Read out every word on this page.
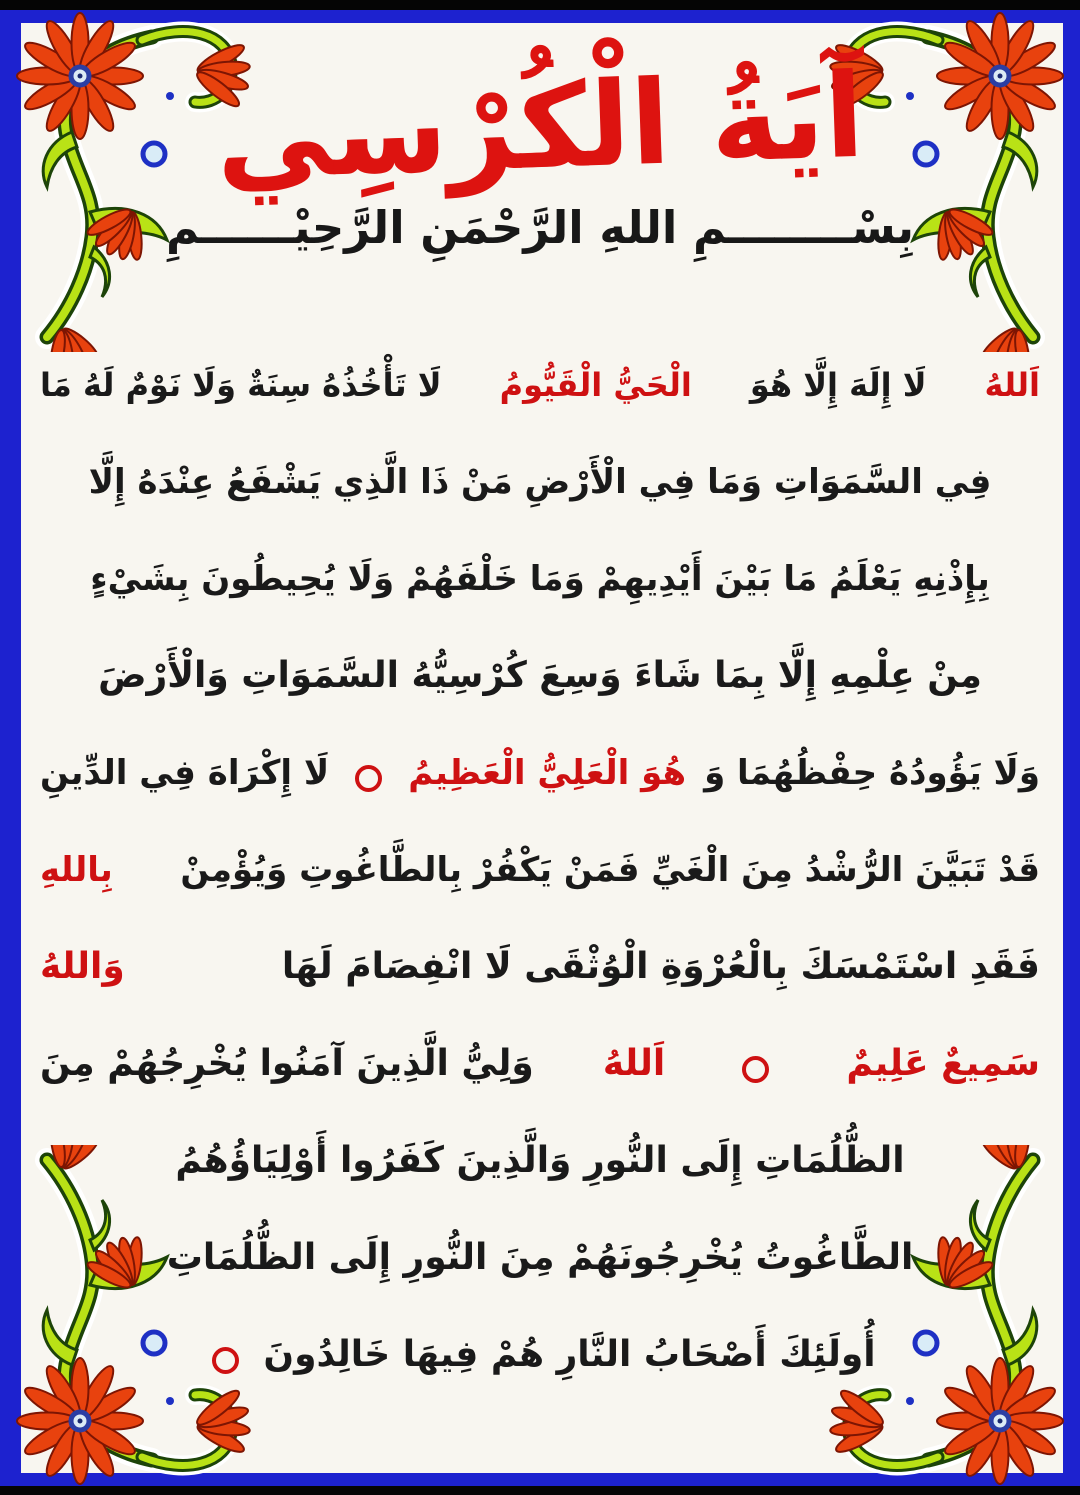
آيَةُ الْكُرْسِي
بِسْــــــــمِ اللهِ الرَّحْمَنِ الرَّحِيْــــــمِ
اَللهُ
لَا إِلَهَ إِلَّا هُوَ
الْحَيُّ الْقَيُّومُ
لَا تَأْخُذُهُ سِنَةٌ وَلَا نَوْمٌ لَهُ مَا
فِي السَّمَوَاتِ وَمَا فِي الْأَرْضِ مَنْ ذَا الَّذِي يَشْفَعُ عِنْدَهُ إِلَّا
بِإِذْنِهِ يَعْلَمُ مَا بَيْنَ أَيْدِيهِمْ وَمَا خَلْفَهُمْ وَلَا يُحِيطُونَ بِشَيْءٍ
مِنْ عِلْمِهِ إِلَّا بِمَا شَاءَ وَسِعَ كُرْسِيُّهُ السَّمَوَاتِ وَالْأَرْضَ
وَلَا يَؤُودُهُ حِفْظُهُمَا وَ
هُوَ الْعَلِيُّ الْعَظِيمُ
لَا إِكْرَاهَ فِي الدِّينِ
قَدْ تَبَيَّنَ الرُّشْدُ مِنَ الْغَيِّ فَمَنْ يَكْفُرْ بِالطَّاغُوتِ وَيُؤْمِنْ
بِاللهِ
فَقَدِ اسْتَمْسَكَ بِالْعُرْوَةِ الْوُثْقَى لَا انْفِصَامَ لَهَا
وَاللهُ
سَمِيعٌ عَلِيمٌ
اَللهُ
وَلِيُّ الَّذِينَ آمَنُوا يُخْرِجُهُمْ مِنَ
الظُّلُمَاتِ إِلَى النُّورِ وَالَّذِينَ كَفَرُوا أَوْلِيَاؤُهُمُ
الطَّاغُوتُ يُخْرِجُونَهُمْ مِنَ النُّورِ إِلَى الظُّلُمَاتِ
أُولَئِكَ أَصْحَابُ النَّارِ هُمْ فِيهَا خَالِدُونَ
